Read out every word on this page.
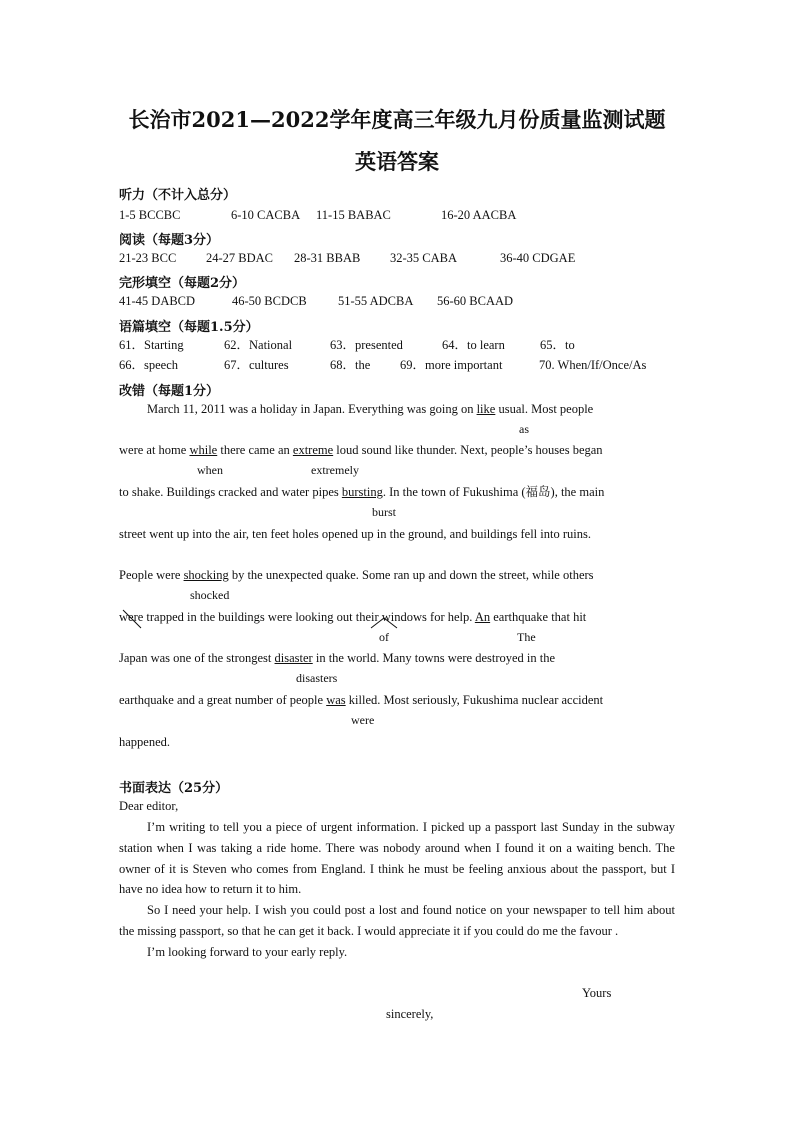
长治市2021—2022学年度高三年级九月份质量监测试题
英语答案
听力（不计入总分）
1-5 BCCBC	6-10 CACBA 11-15 BABAC	16-20 AACBA
阅读（每题3分）
21-23 BCC 24-27 BDAC 28-31 BBAB 32-35 CABA	36-40 CDGAE
完形填空（每题2分）
41-45 DABCD	46-50 BCDCB	51-55 ADCBA 56-60 BCAAD
语篇填空（每题1.5分）
61．Starting	62．National	63．presented	64．to learn	65．to
66．speech	67．cultures	68．the 69．more important	70. When/If/Once/As
改错（每题1分）
March 11, 2011 was a holiday in Japan. Everything was going on like usual. Most people
as
were at home while there came an extreme loud sound like thunder. Next, people’s houses began
when	extremely
to shake. Buildings cracked and water pipes bursting. In the town of Fukushima (福岛), the main
burst
street went up into the air, ten feet holes opened up in the ground, and buildings fell into ruins.
People were shocking by the unexpected quake. Some ran up and down the street, while others
shocked
were trapped in the buildings were looking out their windows for help. An earthquake that hit
of	The
Japan was one of the strongest disaster in the world. Many towns were destroyed in the
disasters
earthquake and a great number of people was killed. Most seriously, Fukushima nuclear accident
were
happened.
书面表达（25分）
Dear editor,

I’m writing to tell you a piece of urgent information. I picked up a passport last Sunday in the subway station when I was taking a ride home. There was nobody around when I found it on a waiting bench. The owner of it is Steven who comes from England. I think he must be feeling anxious about the passport, but I have no idea how to return it to him.

So I need your help. I wish you could post a lost and found notice on your newspaper to tell him about the missing passport, so that he can get it back. I would appreciate it if you could do me the favour .

I’m looking forward to your early reply.

Yours
sincerely,
